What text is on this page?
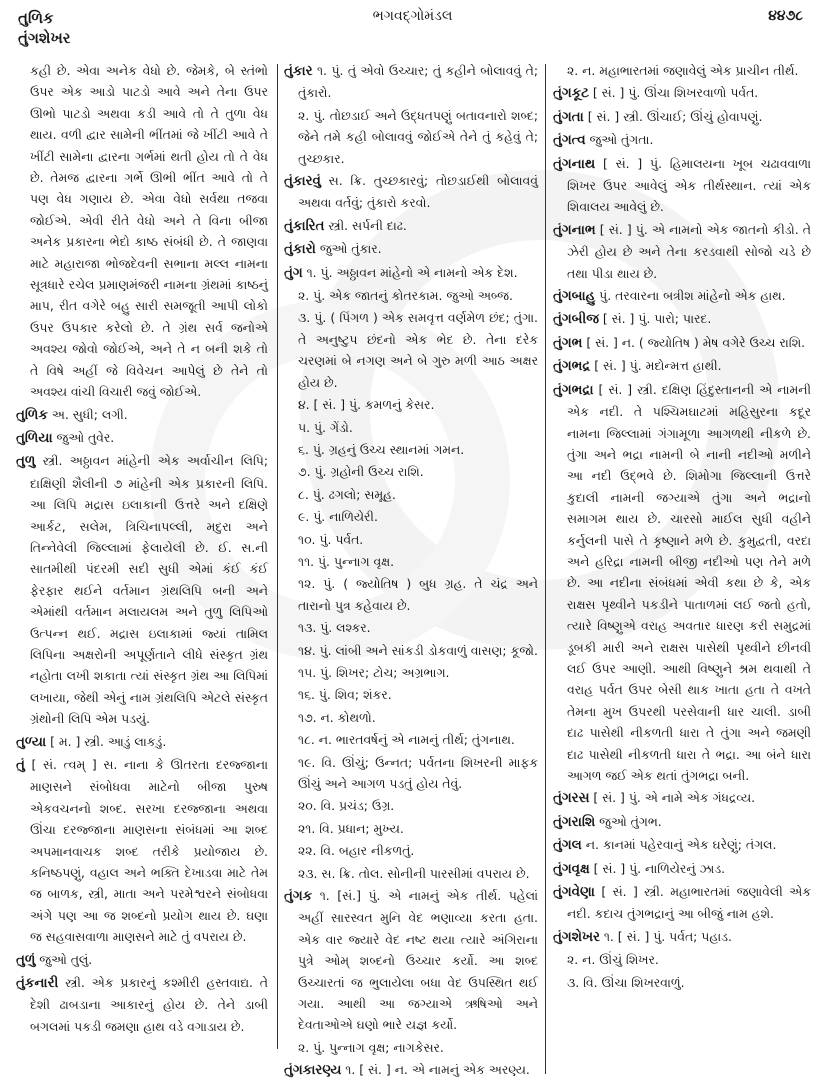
તુળિક
તુંગશેખર
ભગવદ્ગોમંડલ	૪૪૭૮
કહી છે. એવા અનેક વેધો છે. જેમકે, બે સ્તંભો ઉપર એક આડો પાટડો આવે અને તેના ઉપર ઊભો પાટડો અથવા કડી આવે તો તે તુળા વેધ થાય. વળી દ્વાર સામેની ભીંતમાં જે ખીંટી આવે તે ખીંટી સામેના દ્વારના ગર્ભમાં થતી હોય તો તે વેધ છે. તેમજ દ્વારના ગર્ભે ઊભી ભીંત આવે તો તે પણ વેધ ગણાય છે. એવા વેધો સર્વથા તજવા જોઈએ. એવી રીતે વેધો અને તે વિના બીજા અનેક પ્રકારના ભેદો કાષ્ઠ સંબંધી છે. તે જાણવા માટે મહારાજા ભોજદેવની સભાના મલ્લ નામના સૂત્રધારે રચેલ પ્રમાણમંજરી નામના ગ્રંથમાં કાષ્ઠનું માપ, રીત વગેરે બહુ સારી સમજૂતી આપી લોકો ઉપર ઉપકાર કરેલો છે. તે ગ્રંથ સર્વ જનોએ અવશ્ય જોવો જોઈએ, અને તે ન બની શકે તો તે વિષે અહીં જે વિવેચન આપેલું છે તેને તો અવશ્ય વાંચી વિચારી જવું જોઈએ.
તુળિક અ. સુધી; લગી.
તુળિયા જુઓ તુવેર.
તુળુ સ્ત્રી. અઠ્ઠાવન માંહેની એક અર્વાચીન લિપિ; દાક્ષિણી શૈલીની ૭ માંહેની એક પ્રકારની લિપિ. આ લિપિ મદ્રાસ ઇલાકાની ઉત્તરે અને દક્ષિણે આર્કટ, સલેમ, ત્રિચિનાપલ્લી, મદુરા અને તિન્નેવેલી જિલ્લામાં ફેલાયેલી છે. ઈ. સ.ની સાતમીથી પંદરમી સદી સુધી એમાં કંઈ કંઈ ફેરફાર થઈને વર્તમાન ગ્રંથલિપિ બની અને એમાંથી વર્તમાન મલાયલમ અને તુળુ લિપિઓ ઉત્પન્ન થઈ. મદ્રાસ ઇલાકામાં જ્યાં તામિલ લિપિના અક્ષરોની અપૂર્ણતાને લીધે સંસ્કૃત ગ્રંથ નહોતા લખી શકાતા ત્યાં સંસ્કૃત ગ્રંથ આ લિપિમાં લખાયા, જેથી એનું નામ ગ્રંથલિપિ એટલે સંસ્કૃત ગ્રંથોની લિપિ એમ પડયું.
તુળ્યા [ મ. ] સ્ત્રી. આડું લાકડું.
તું [ સં. ત્વમ્ ] સ. નાના કે ઊતરતા દરજ્જાના માણસને સંબોધવા માટેનો બીજા પુરુષ એકવચનનો શબ્દ. સરખા દરજ્જાના અથવા ઊંચા દરજ્જાના માણસના સંબંધમાં આ શબ્દ અપમાનવાચક શબ્દ તરીકે પ્રયોજાય છે. કનિષ્ઠપણું, વહાલ અને ભક્તિ દેખાડવા માટે તેમ જ બાળક, સ્ત્રી, માતા અને પરમેશ્વરને સંબોધવા અંગે પણ આ જ શબ્દનો પ્રયોગ થાય છે. ઘણા જ સહવાસવાળા માણસને માટે તું વપરાય છે.
તુળું જુઓ તુલું.
તુંકનારી સ્ત્રી. એક પ્રકારનું કશ્મીરી હસ્તવાદ્ય. તે દેશી ઢાબડાના આકારનું હોય છે. તેને ડાબી બગલમાં પકડી જમણા હાથ વડે વગાડાય છે.
તુંકાર ૧. પું. તું એવો ઉચ્ચાર; તું કહીને બોલાવવું તે; તુંકારો.
૨. પું. તોછડાઈ અને ઉદ્ધતપણું બતાવનારો શબ્દ; જેને તમે કહી બોલાવવું જોઈએ તેને તું કહેવું તે; તુચ્છકાર.
તુંકારવું સ. ક્રિ. તુચ્છકારવું; તોછડાઈથી બોલાવવું અથવા વર્તવું; તુંકારો કરવો.
તુંકારિત સ્ત્રી. સર્પની દાઢ.
તુંકારો જુઓ તુંકાર.
તુંગ ૧. પું. અઠ્ઠાવન માંહેનો એ નામનો એક દેશ.
૨. પું. એક જાતનું કોતરકામ. જુઓ અબ્જ.
૩. પું. ( પિંગળ ) એક સમવૃત્ત વર્ણમેળ છંદ; તુંગા. તે અનુષ્ટુપ છંદનો એક ભેદ છે. તેના દરેક ચરણમાં બે નગણ અને બે ગુરુ મળી આઠ અક્ષર હોય છે.
૪. [ સં. ] પું. કમળનું કેસર.
૫. પું. ગેંડો.
૬. પું. ગ્રહનું ઉચ્ચ સ્થાનમાં ગમન.
૭. પું. ગ્રહોની ઉચ્ચ રાશિ.
૮. પું. ઢગલો; સમૂહ.
૯. પું. નાળિયેરી.
૧૦. પું. પર્વત.
૧૧. પું. પુન્નાગ વૃક્ષ.
૧૨. પું. ( જ્યોતિષ ) બુધ ગ્રહ. તે ચંદ્ર અને તારાનો પુત્ર કહેવાય છે.
૧૩. પું. લશ્કર.
૧૪. પું. લાંબી અને સાંકડી ડોકવાળું વાસણ; કૂજો.
૧૫. પું. શિખર; ટોચ; અગ્રભાગ.
૧૬. પું. શિવ; શંકર.
૧૭. ન. કોથળો.
૧૮. ન. ભારતવર્ષનું એ નામનું તીર્થ; તુંગનાથ.
૧૯. વિ. ઊંચું; ઉન્નત; પર્વતના શિખરની માફક ઊંચું અને આગળ પડતું હોય તેવું.
૨૦. વિ. પ્રચંડ; ઉગ્ર.
૨૧. વિ. પ્રધાન; મુખ્ય.
૨૨. વિ. બહાર નીકળતું.
૨૩. સ. ક્રિ. તોલ. સોનીની પારસીમાં વપરાય છે.
તુંગક ૧. [સં.] પું. એ નામનું એક તીર્થ. પહેલાં અહીં સારસ્વત મુનિ વેદ ભણાવ્યા કરતા હતા. એક વાર જ્યારે વેદ નષ્ટ થયા ત્યારે અંગિરાના પુત્રે ઓમ્ શબ્દનો ઉચ્ચાર કર્યો. આ શબ્દ ઉચ્ચારતાં જ ભુલાયેલા બધા વેદ ઉપસ્થિત થઈ ગયા. આથી આ જગ્યાએ ઋષિઓ અને દેવતાઓએ ઘણો ભારે યજ્ઞ કર્યો.
૨. પું. પુન્નાગ વૃક્ષ; નાગકેસર.
તુંગકારણ્ય ૧. [ સં. ] ન. એ નામનું એક અરણ્ય.
૨. ન. મહાભારતમાં જણાવેલું એક પ્રાચીન તીર્થ.
તુંગકૂટ [ સં. ] પું. ઊંચા શિખરવાળો પર્વત.
તુંગતા [ સં. ] સ્ત્રી. ઊંચાઈ; ઊંચું હોવાપણું.
તુંગત્વ જુઓ તુંગતા.
તુંગનાથ [ સં. ] પું. હિમાલયના ખૂબ ચઢાવવાળા શિખર ઉપર આવેલું એક તીર્થસ્થાન. ત્યાં એક શિવાલય આવેલું છે.
તુંગનાભ [ સં. ] પું. એ નામનો એક જાતનો કીડો. તે ઝેરી હોય છે અને તેના કરડવાથી સોજો ચડે છે તથા પીડા થાય છે.
તુંગબાહુ પું. તરવારના બત્રીશ માંહેનો એક હાથ.
તુંગબીજ [ સં. ] પું. પારો; પારદ.
તુંગભ [ સં. ] ન. ( જ્યોતિષ ) મેષ વગેરે ઉચ્ચ રાશિ.
તુંગભદ્ર [ સં. ] પું. મદોન્મત્ત હાથી.
તુંગભદ્રા [ સં. ] સ્ત્રી. દક્ષિણ હિંદુસ્તાનની એ નામની એક નદી. તે પશ્ચિમઘાટમાં મહિસુરના કદૂર નામના જિલ્લામાં ગંગામૂળા આગળથી નીકળે છે. તુંગા અને ભદ્રા નામની બે નાની નદીઓ મળીને આ નદી ઉદ્ભવે છે. શિમોગા જિલ્લાની ઉત્તરે કુદાલી નામની જગ્યાએ તુંગા અને ભદ્રાનો સમાગમ થાય છે. ચારસો માઈલ સુધી વહીને કર્નુલની પાસે તે કૃષ્ણાને મળે છે. કુમુદ્વતી, વરદા અને હરિદ્રા નામની બીજી નદીઓ પણ તેને મળે છે. આ નદીના સંબંધમાં એવી કથા છે કે, એક રાક્ષસ પૃથ્વીને પકડીને પાતાળમાં લઈ જતો હતો, ત્યારે વિષ્ણુએ વરાહ અવતાર ધારણ કરી સમુદ્રમાં ડૂબકી મારી અને રાક્ષસ પાસેથી પૃથ્વીને છીનવી લઈ ઉપર આણી. આથી વિષ્ણુને શ્રમ થવાથી તે વરાહ પર્વત ઉપર બેસી થાક ખાતા હતા તે વખતે તેમના મુખ ઉપરથી પરસેવાની ધાર ચાલી. ડાબી દાઢ પાસેથી નીકળતી ધારા તે તુંગા અને જમણી દાઢ પાસેથી નીકળતી ધારા તે ભદ્રા. આ બંને ધારા આગળ જઈ એક થતાં તુંગભદ્રા બની.
તુંગરસ [ સં. ] પું. એ નામે એક ગંધદ્રવ્ય.
તુંગરાશિ જુઓ તુંગભ.
તુંગલ ન. કાનમાં પહેરવાનું એક ઘરેણું; તંગલ.
તુંગવૃક્ષ [ સં. ] પું. નાળિયેરનું ઝાડ.
તુંગવેણા [ સં. ] સ્ત્રી. મહાભારતમાં જણાવેલી એક નદી. કદાચ તુંગભદ્રાનું આ બીજું નામ હશે.
તુંગશેખર ૧. [ સં. ] પું. પર્વત; પહાડ.
૨. ન. ઊંચું શિખર.
૩. વિ. ઊંચા શિખરવાળું.
